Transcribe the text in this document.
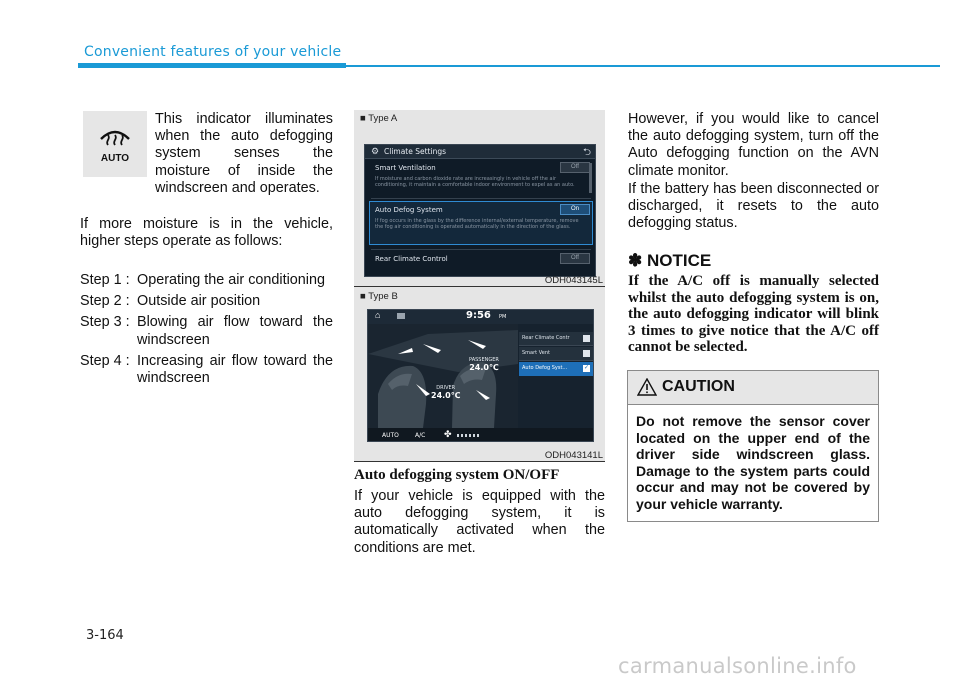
Convenient features of your vehicle
AUTO

This indicator illuminates when the auto defogging system senses the moisture of inside the windscreen and operates.

If more moisture is in the vehicle, higher steps operate as follows:

Step 1 : Operating the air conditioning
Step 2 : Outside air position
Step 3 : Blowing air flow toward the windscreen
Step 4 : Increasing air flow toward the windscreen
■ Type A
⚙ Climate Settings	⮌
Smart Ventilation	Off
If moisture and carbon dioxide rate are increasingly in vehicle off the air conditioning, it maintain a comfortable indoor environment to expel as an auto.
Auto Defog System	On
If fog occurs in the glass by the difference internal/external temperature, remove the fog air conditioning is operated automatically in the direction of the glass.
Rear Climate Control	Off
ODH043145L
■ Type B
⌂	9:56 PM
PASSENGER
24.0℃
DRIVER
24.0℃
Rear Climate Contr
Smart Vent
Auto Defog Syst...	✓
AUTO	A/C ✤
ODH043141L
Auto defogging system ON/OFF

If your vehicle is equipped with the auto defogging system, it is automatically activated when the conditions are met.

However, if you would like to cancel the auto defogging system, turn off the Auto defogging function on the AVN climate monitor.

If the battery has been disconnected or discharged, it resets to the auto defogging status.

✽ NOTICE

If the A/C off is manually selected whilst the auto defogging system is on, the auto defogging indicator will blink 3 times to give notice that the A/C off cannot be selected.

CAUTION
Do not remove the sensor cover located on the upper end of the driver side windscreen glass. Damage to the system parts could occur and may not be covered by your vehicle warranty.
3-164
carmanualsonline.info
